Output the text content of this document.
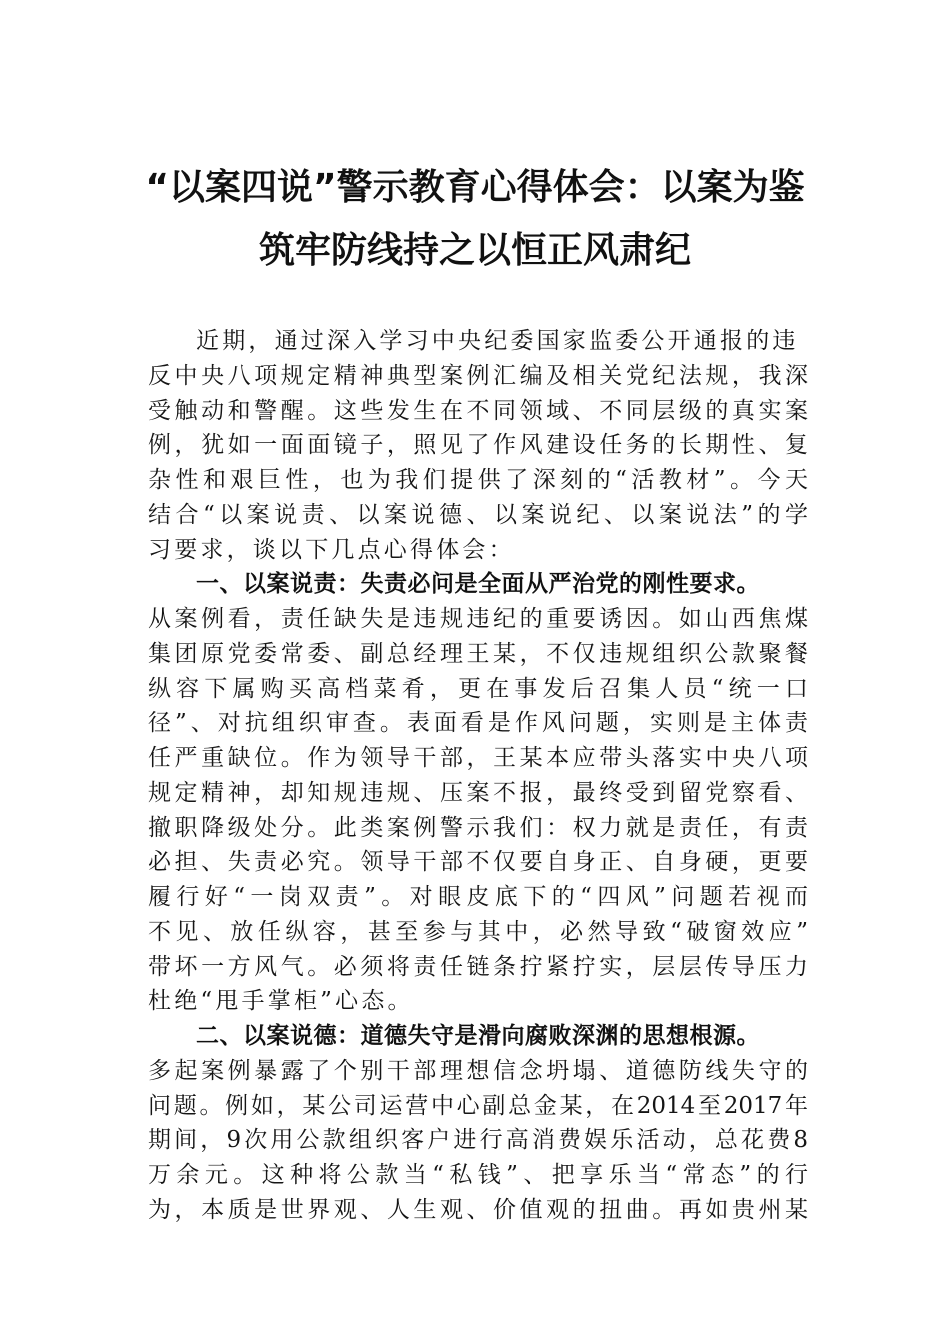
“以案四说”警示教育心得体会：以案为鉴
筑牢防线持之以恒正风肃纪
近期，通过深入学习中央纪委国家监委公开通报的违
反中央八项规定精神典型案例汇编及相关党纪法规，我深
受触动和警醒。这些发生在不同领域、不同层级的真实案
例，犹如一面面镜子，照见了作风建设任务的长期性、复
杂性和艰巨性，也为我们提供了深刻的“活教材”。今天
结合“以案说责、以案说德、以案说纪、以案说法”的学
习要求，谈以下几点心得体会：
一、以案说责：失责必问是全面从严治党的刚性要求。
从案例看，责任缺失是违规违纪的重要诱因。如山西焦煤
集团原党委常委、副总经理王某，不仅违规组织公款聚餐
纵容下属购买高档菜肴，更在事发后召集人员“统一口
径”、对抗组织审查。表面看是作风问题，实则是主体责
任严重缺位。作为领导干部，王某本应带头落实中央八项
规定精神，却知规违规、压案不报，最终受到留党察看、
撤职降级处分。此类案例警示我们：权力就是责任，有责
必担、失责必究。领导干部不仅要自身正、自身硬，更要
履行好“一岗双责”。对眼皮底下的“四风”问题若视而
不见、放任纵容，甚至参与其中，必然导致“破窗效应”
带坏一方风气。必须将责任链条拧紧拧实，层层传导压力
杜绝“甩手掌柜”心态。
二、以案说德：道德失守是滑向腐败深渊的思想根源。
多起案例暴露了个别干部理想信念坍塌、道德防线失守的
问题。例如，某公司运营中心副总金某，在2014至2017年
期间，9次用公款组织客户进行高消费娱乐活动，总花费8
万余元。这种将公款当“私钱”、把享乐当“常态”的行
为，本质是世界观、人生观、价值观的扭曲。再如贵州某
